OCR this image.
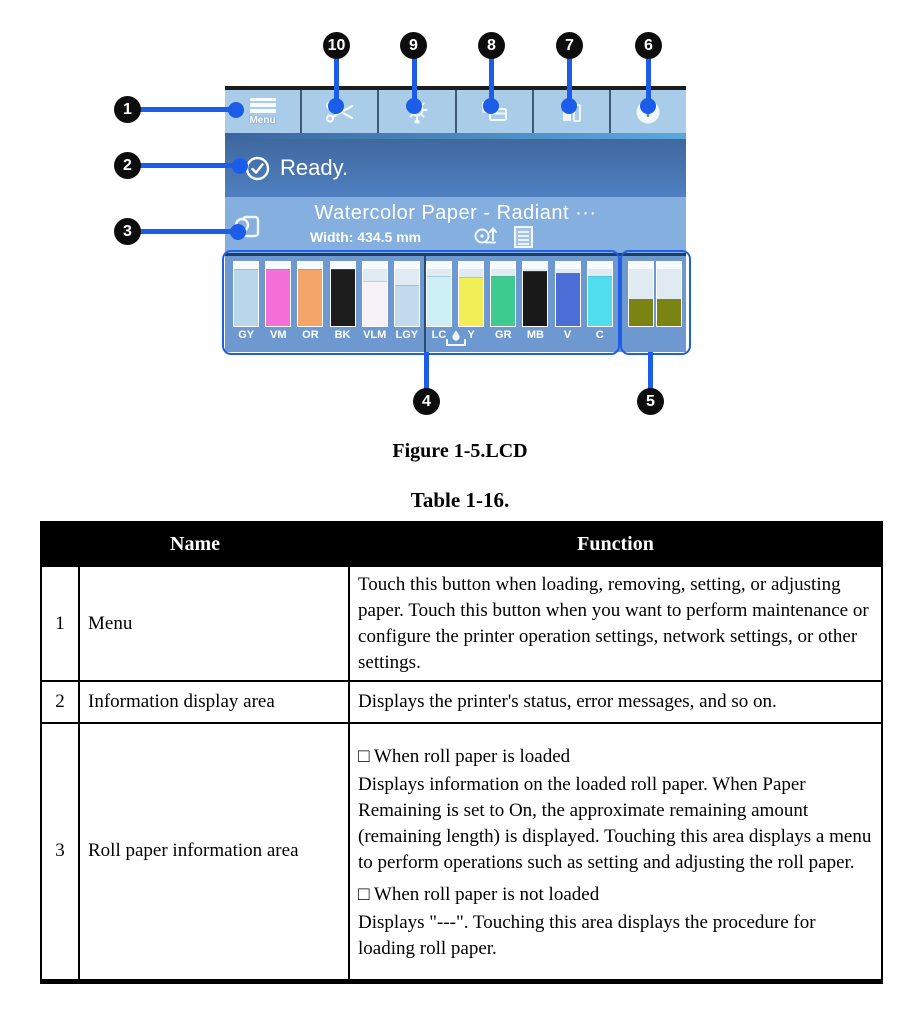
Menu
Ready.
Watercolor Paper - Radiant ···
Width: 434.5 mm
GY VM OR BK VLM LGY LC Y GR MB V C
1
2
3
4	5
6
7
8
9
10
Figure 1-5.LCD
Table 1-16.
Name		Function
1	Menu	Touch this button when loading, removing, setting, or adjusting paper. Touch this button when you want to perform maintenance or configure the printer operation settings, network settings, or other settings.
2	Information display area	Displays the printer's status, error messages, and so on.
3	Roll paper information area	□ When roll paper is loaded
Displays information on the loaded roll paper. When Paper Remaining is set to On, the approximate remaining amount (remaining length) is displayed. Touching this area displays a menu to perform operations such as setting and adjusting the roll paper.
□ When roll paper is not loaded
Displays "---". Touching this area displays the procedure for loading roll paper.
